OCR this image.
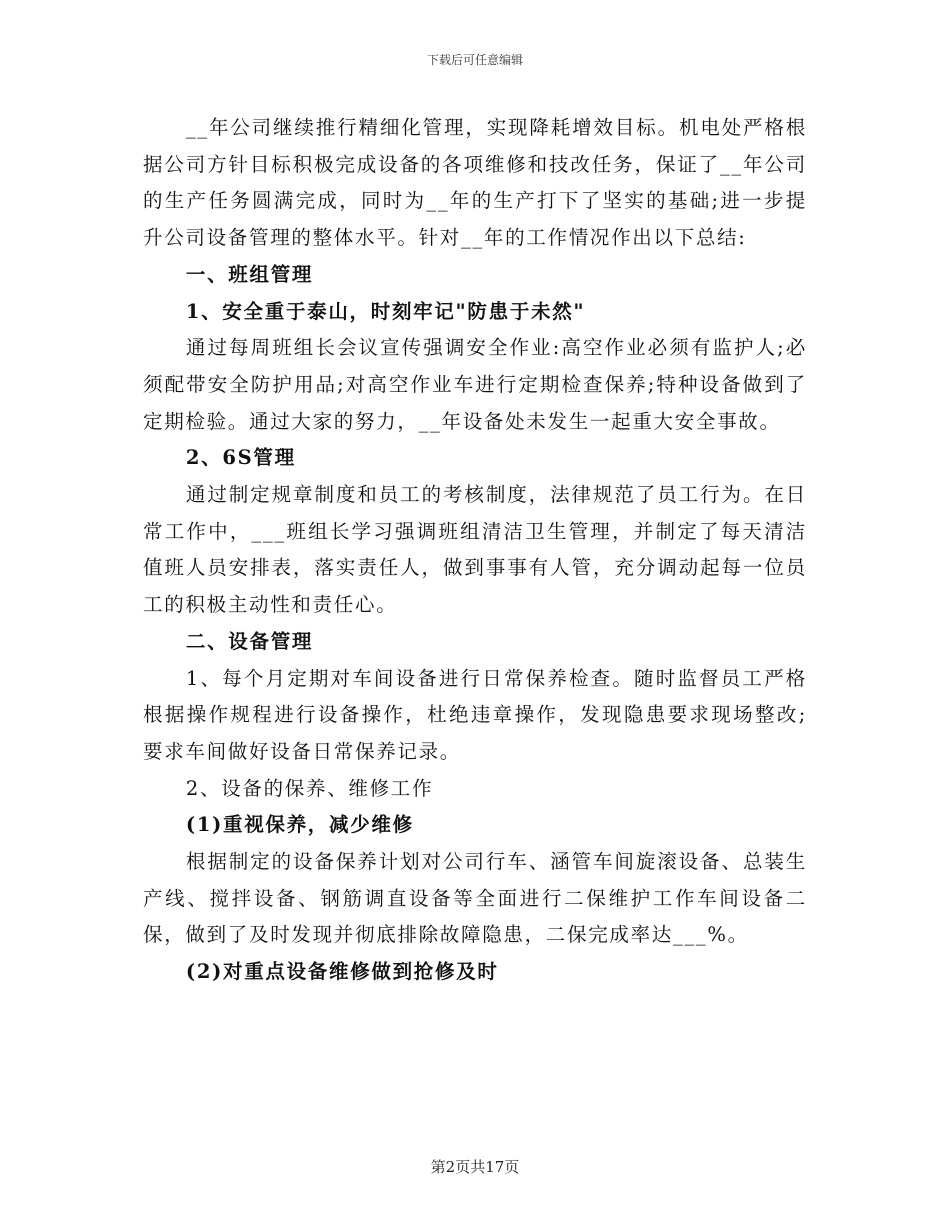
下载后可任意编辑

__年公司继续推行精细化管理，实现降耗增效目标。机电处严格根据公司方针目标积极完成设备的各项维修和技改任务，保证了__年公司的生产任务圆满完成，同时为__年的生产打下了坚实的基础;进一步提升公司设备管理的整体水平。针对__年的工作情况作出以下总结:

一、班组管理

1、安全重于泰山，时刻牢记"防患于未然"

通过每周班组长会议宣传强调安全作业:高空作业必须有监护人;必须配带安全防护用品;对高空作业车进行定期检查保养;特种设备做到了定期检验。通过大家的努力，__年设备处未发生一起重大安全事故。

2、6S管理

通过制定规章制度和员工的考核制度，法律规范了员工行为。在日常工作中，___班组长学习强调班组清洁卫生管理，并制定了每天清洁值班人员安排表，落实责任人，做到事事有人管，充分调动起每一位员工的积极主动性和责任心。

二、设备管理

1、每个月定期对车间设备进行日常保养检查。随时监督员工严格根据操作规程进行设备操作，杜绝违章操作，发现隐患要求现场整改;要求车间做好设备日常保养记录。

2、设备的保养、维修工作

(1)重视保养，减少维修

根据制定的设备保养计划对公司行车、涵管车间旋滚设备、总装生产线、搅拌设备、钢筋调直设备等全面进行二保维护工作车间设备二保，做到了及时发现并彻底排除故障隐患，二保完成率达___%。

(2)对重点设备维修做到抢修及时

第2页共17页
